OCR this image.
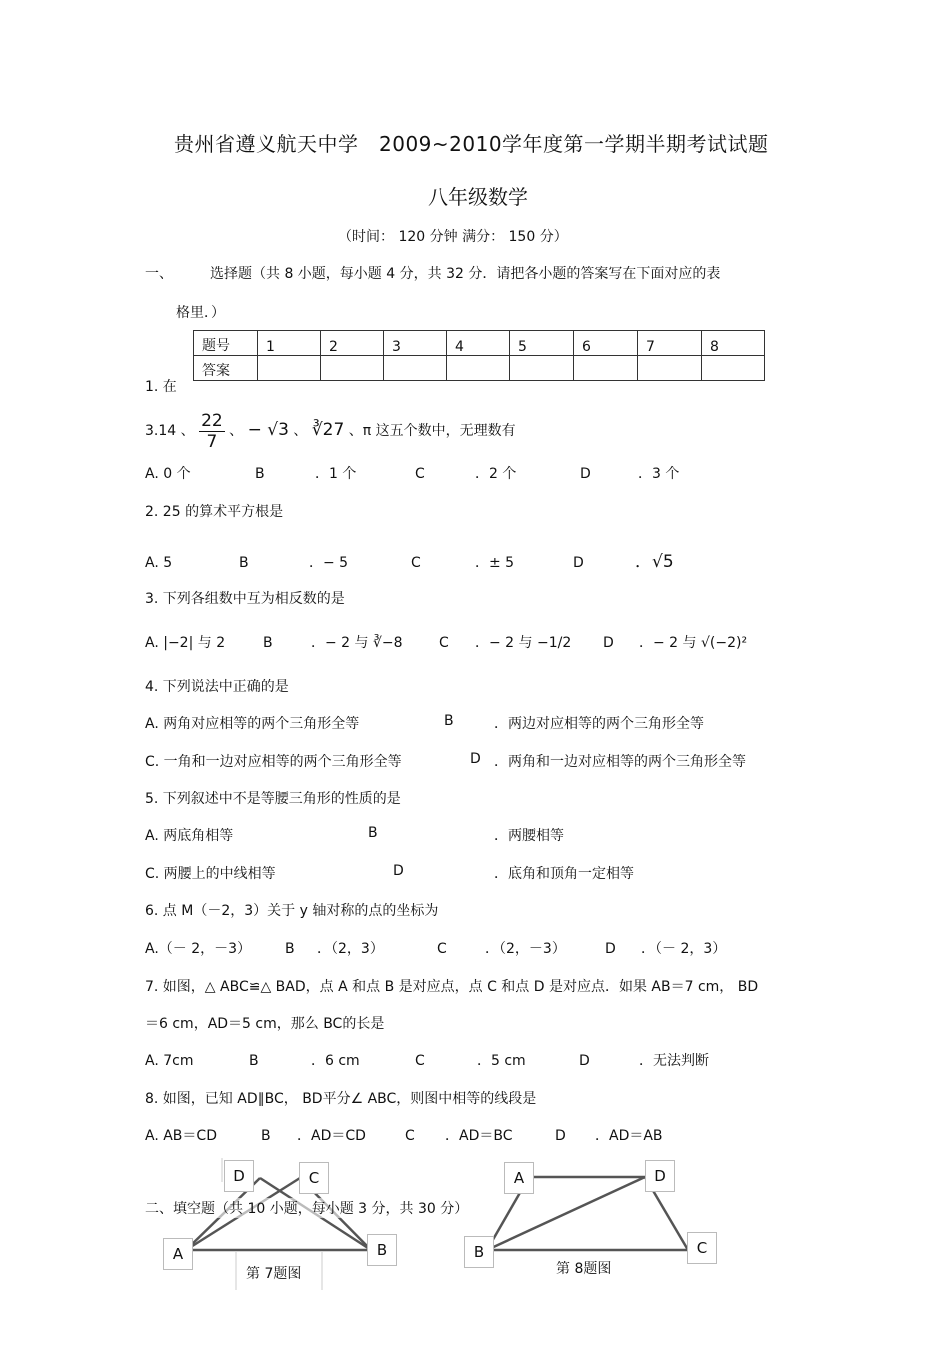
贵州省遵义航天中学　2009~2010学年度第一学期半期考试试题
八年级数学
（时间： 120 分钟 满分： 150 分）
一、	选择题（共 8 小题，每小题 4 分，共 32 分．请把各小题的答案写在下面对应的表
格里．）
题号	1	2	3	4	5	6	7	8
答案								
1. 在
3.14 、 $\frac{22}{7}$ 、 − √3 、 ∛27 、π 这五个数中，无理数有
A. 0 个	B	．1 个	C	．2 个	D	．3 个
2. 25 的算术平方根是
A. 5	B	．− 5	C	．± 5	D	．√5
3. 下列各组数中互为相反数的是
A. |−2| 与 2	B	．− 2 与 ∛−8	C ．− 2 与 −1/2 D ．− 2 与 √(−2)²
4. 下列说法中正确的是
A. 两角对应相等的两个三角形全等	B	．两边对应相等的两个三角形全等
C. 一角和一边对应相等的两个三角形全等	D ．两角和一边对应相等的两个三角形全等
5. 下列叙述中不是等腰三角形的性质的是
A. 两底角相等	B	．两腰相等
C. 两腰上的中线相等	D	．底角和顶角一定相等
6. 点 M（－2，3）关于 y 轴对称的点的坐标为
A.（－ 2，－3） B ．（2，3）	C	．（2，－3）	D ．（－ 2，3）
7. 如图，△ ABC≌△ BAD，点 A 和点 B 是对应点，点 C 和点 D 是对应点．如果 AB＝7 cm， BD
＝6 cm，AD＝5 cm，那么 BC的长是
A. 7cm	B	．6 cm	C	．5 cm	D	．无法判断
8. 如图，已知 AD∥BC， BD平分∠ ABC，则图中相等的线段是
A. AB＝CD	B ．AD＝CD	C ．AD＝BC	D ．AD＝AB
D	C
A	B
第 7题图
A	D
B	C
第 8题图
二、填空题（共 10 小题，每小题 3 分，共 30 分）
